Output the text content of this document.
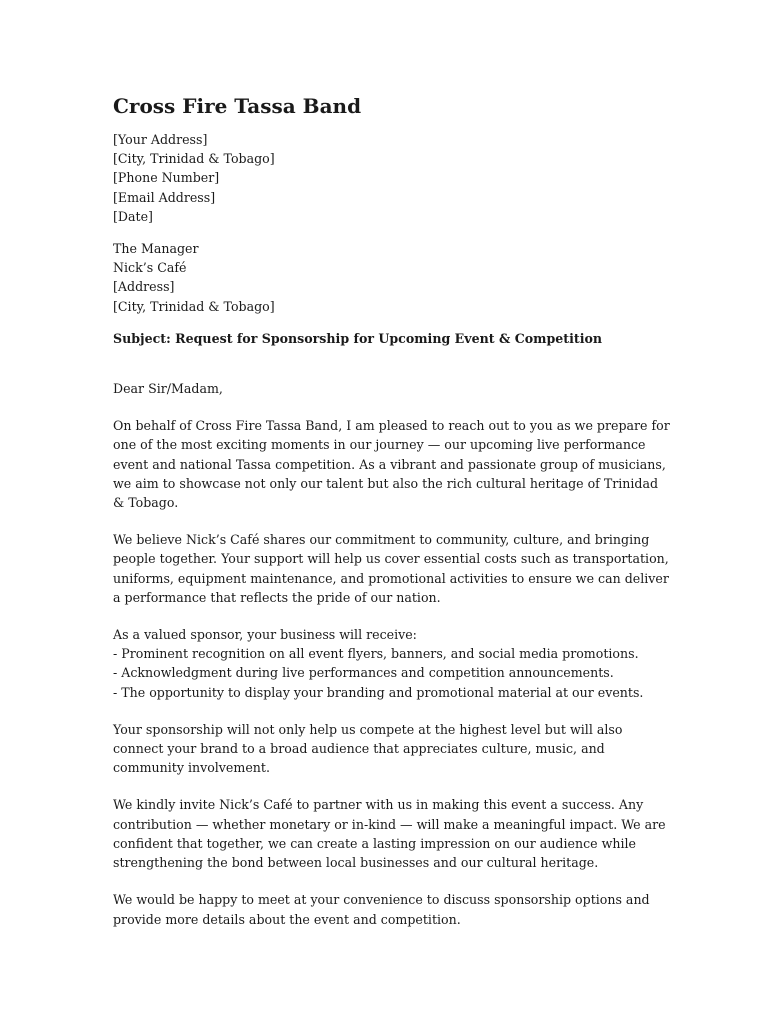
Cross Fire Tassa Band
[Your Address]
[City, Trinidad & Tobago]
[Phone Number]
[Email Address]
[Date]
The Manager
Nick’s Café
[Address]
[City, Trinidad & Tobago]
Subject: Request for Sponsorship for Upcoming Event & Competition
Dear Sir/Madam,

On behalf of Cross Fire Tassa Band, I am pleased to reach out to you as we prepare for one of the most exciting moments in our journey — our upcoming live performance event and national Tassa competition. As a vibrant and passionate group of musicians, we aim to showcase not only our talent but also the rich cultural heritage of Trinidad & Tobago.

We believe Nick’s Café shares our commitment to community, culture, and bringing people together. Your support will help us cover essential costs such as transportation, uniforms, equipment maintenance, and promotional activities to ensure we can deliver a performance that reflects the pride of our nation.

As a valued sponsor, your business will receive:
- Prominent recognition on all event flyers, banners, and social media promotions.
- Acknowledgment during live performances and competition announcements.
- The opportunity to display your branding and promotional material at our events.

Your sponsorship will not only help us compete at the highest level but will also connect your brand to a broad audience that appreciates culture, music, and community involvement.

We kindly invite Nick’s Café to partner with us in making this event a success. Any contribution — whether monetary or in-kind — will make a meaningful impact. We are confident that together, we can create a lasting impression on our audience while strengthening the bond between local businesses and our cultural heritage.

We would be happy to meet at your convenience to discuss sponsorship options and provide more details about the event and competition.
